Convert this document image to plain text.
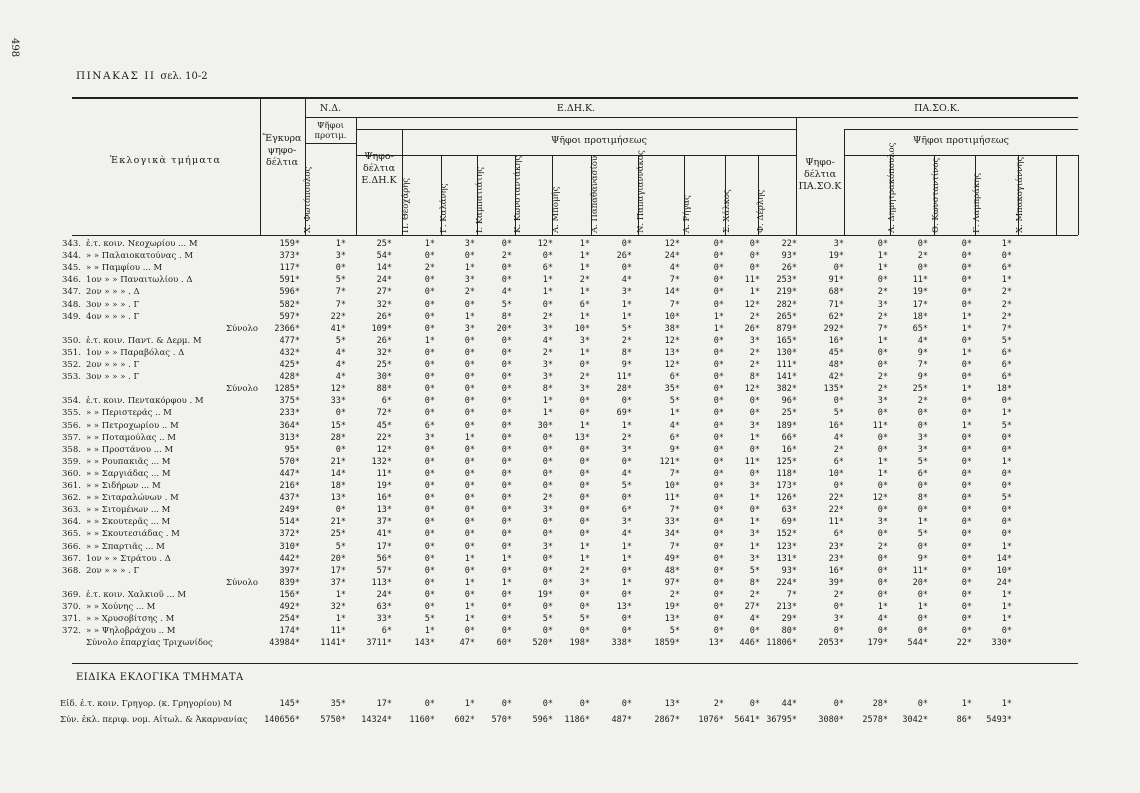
498
ΠΙΝΑΚΑΣ II σελ. 10-2
Ἐκλογικὰ τμήματα
Ἔγκυρα ψηφο- δέλτια
Ν.Δ.
Ψῆφοι προτιμ.
Ε.ΔΗ.Κ.
Ψῆφοι προτιμήσεως
Ψηφο- δέλτια Ε.ΔΗ.Κ
ΠΑ.ΣΟ.Κ.
Ψῆφοι προτιμήσεως
Ψηφο- δέλτια ΠΑ.ΣΟ.Κ
Χ. Φωτόπουλος	Π. Θεοχάρης	Γ. Καλάνης	Ι. Καμπατιάτης	Κ. Κωνσταντάκης	Α. Μπομής	Α. Παπαθανασίου	Ν. Παπαγιαννάκος	Α. Ρήγας	Σ. Χάλκος	Φ. Δέρλης	Α. Δημητρακόπουλος	Θ. Κωνσταντίνος	Γ. Λαμπράκης	Χ. Μπακογιάννης
ΕΙΔΙΚΑ ΕΚΛΟΓΙΚΑ ΤΜΗΜΑΤΑ
343. ἑ.τ. κοιν. Νεοχωρίου ... Μ	159*	1*	25*	1*	3*	0*	12*	1*	0*	12*	0*	0*	22*	3*	0*	0*	0*	1*
344. » » Παλαιοκατούνας . Μ	373*	3*	54*	0*	0*	2*	0*	1*	26*	24*	0*	0*	93*	19*	1*	2*	0*	0*
345. » » Παμφίου ... Μ	117*	0*	14*	2*	1*	0*	6*	1*	0*	4*	0*	0*	26*	0*	1*	0*	0*	6*
346. 1ον » » Παναιτωλίου . Δ	591*	5*	24*	0*	3*	0*	1*	2*	4*	7*	0*	11*	253*	91*	0*	11*	0*	1*
347. 2ον » » » . Δ	596*	7*	27*	0*	2*	4*	1*	1*	3*	14*	0*	1*	219*	68*	2*	19*	0*	2*
348. 3ον » » » . Γ	582*	7*	32*	0*	0*	5*	0*	6*	1*	7*	0*	12*	282*	71*	3*	17*	0*	2*
349. 4ον » » » . Γ	597*	22*	26*	0*	1*	8*	2*	1*	1*	10*	1*	2*	265*	62*	2*	18*	1*	2*
Σύνολο	2366*	41*	109*	0*	3*	20*	3*	10*	5*	38*	1*	26*	879*	292*	7*	65*	1*	7*
350. ἑ.τ. κοιν. Παντ. & Δερμ. Μ	477*	5*	26*	1*	0*	0*	4*	3*	2*	12*	0*	3*	165*	16*	1*	4*	0*	5*
351. 1ον » » Παραβόλας . Δ	432*	4*	32*	0*	0*	0*	2*	1*	8*	13*	0*	2*	130*	45*	0*	9*	1*	6*
352. 2ον » » » . Γ	425*	4*	25*	0*	0*	0*	3*	0*	9*	12*	0*	2*	111*	48*	0*	7*	0*	6*
353. 3ον » » » . Γ	428*	4*	30*	0*	0*	0*	3*	2*	11*	6*	0*	8*	141*	42*	2*	9*	0*	6*
Σύνολο	1285*	12*	88*	0*	0*	0*	8*	3*	28*	35*	0*	12*	382*	135*	2*	25*	1*	18*
354. ἑ.τ. κοιν. Πεντακόρφου . Μ	375*	33*	6*	0*	0*	0*	1*	0*	0*	5*	0*	0*	96*	0*	3*	2*	0*	0*
355. » » Περιστεράς .. Μ	233*	0*	72*	0*	0*	0*	1*	0*	69*	1*	0*	0*	25*	5*	0*	0*	0*	1*
356. » » Πετροχωρίου .. Μ	364*	15*	45*	6*	0*	0*	30*	1*	1*	4*	0*	3*	189*	16*	11*	0*	1*	5*
357. » » Ποταμούλας .. Μ	313*	28*	22*	3*	1*	0*	0*	13*	2*	6*	0*	1*	66*	4*	0*	3*	0*	0*
358. » » Προστάνου ... Μ	95*	0*	12*	0*	0*	0*	0*	0*	3*	9*	0*	0*	16*	2*	0*	3*	0*	0*
359. » » Ρουπακιᾶς ... Μ	570*	21*	132*	0*	0*	0*	0*	0*	0*	121*	0*	11*	125*	6*	1*	5*	0*	1*
360. » » Σαργιάδας ... Μ	447*	14*	11*	0*	0*	0*	0*	0*	4*	7*	0*	0*	118*	10*	1*	6*	0*	0*
361. » » Σιδήρων ... Μ	216*	18*	19*	0*	0*	0*	0*	0*	5*	10*	0*	3*	173*	0*	0*	0*	0*	0*
362. » » Σιταραλώνων . Μ	437*	13*	16*	0*	0*	0*	2*	0*	0*	11*	0*	1*	126*	22*	12*	8*	0*	5*
363. » » Σιτομένων ... Μ	249*	0*	13*	0*	0*	0*	3*	0*	6*	7*	0*	0*	63*	22*	0*	0*	0*	0*
364. » » Σκουτερᾶς ... Μ	514*	21*	37*	0*	0*	0*	0*	0*	3*	33*	0*	1*	69*	11*	3*	1*	0*	0*
365. » » Σκουτεσιάδας . Μ	372*	25*	41*	0*	0*	0*	0*	0*	4*	34*	0*	3*	152*	6*	0*	5*	0*	0*
366. » » Σπαρτιᾶς ... Μ	310*	5*	17*	0*	0*	0*	3*	1*	1*	7*	0*	1*	123*	23*	2*	0*	0*	1*
367. 1ον » » Στράτου . Δ	442*	20*	56*	0*	1*	1*	0*	1*	1*	49*	0*	3*	131*	23*	0*	9*	0*	14*
368. 2ον » » » . Γ	397*	17*	57*	0*	0*	0*	0*	2*	0*	48*	0*	5*	93*	16*	0*	11*	0*	10*
Σύνολο	839*	37*	113*	0*	1*	1*	0*	3*	1*	97*	0*	8*	224*	39*	0*	20*	0*	24*
369. ἑ.τ. κοιν. Χαλκιοῦ ... Μ	156*	1*	24*	0*	0*	0*	19*	0*	0*	2*	0*	2*	7*	2*	0*	0*	0*	1*
370. » » Χούνης ... Μ	492*	32*	63*	0*	1*	0*	0*	0*	13*	19*	0*	27*	213*	0*	1*	1*	0*	1*
371. » » Χρυσοβίτσης . Μ	254*	1*	33*	5*	1*	0*	5*	5*	0*	13*	0*	4*	29*	3*	4*	0*	0*	1*
372. » » Ψηλοβράχου .. Μ	174*	11*	6*	1*	0*	0*	0*	0*	0*	5*	0*	0*	80*	0*	0*	0*	0*	0*
Σύνολο ἐπαρχίας Τριχωνίδος	43984*	1141*	3711*	143*	47*	60*	520*	198*	338*	1859*	13*	446* 11806*	2053*	179*	544*	22*	330*
Εἰδ. ἐ.τ. κοιν. Γρηγορ. (κ. Γρηγορίου) Μ	145*	35*	17*	0*	1*	0*	0*	0*	0*	13*	2*	0*	44*	0*	28*	0*	1*	1*
Σύν. ἐκλ. περιφ. νομ. Αἰτωλ. & Ἀκαρνανίας	140656*	5750*	14324*	1160*	602*	570*	596*	1186*	487*	2867*	1076*	5641* 36795*	3080*	2578*	3042*	86*	5493*
